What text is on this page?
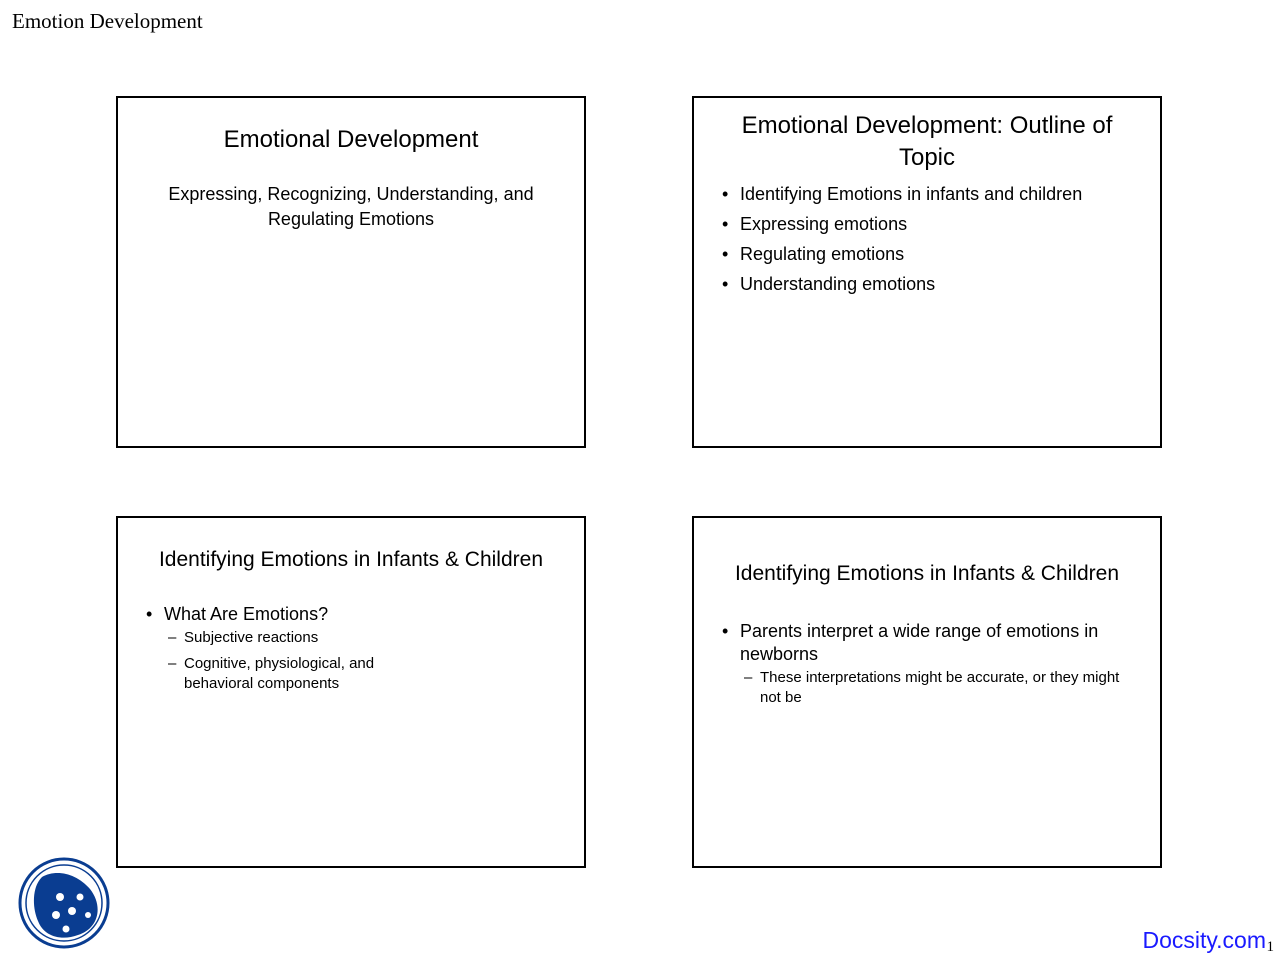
Emotion Development
Emotional Development
Expressing, Recognizing, Understanding, and
Regulating Emotions
Emotional Development: Outline of
Topic
• Identifying Emotions in infants and children
• Expressing emotions
• Regulating emotions
• Understanding emotions
Identifying Emotions in Infants & Children
• What Are Emotions?
– Subjective reactions
– Cognitive, physiological, and behavioral components
Identifying Emotions in Infants & Children
• Parents interpret a wide range of emotions in newborns
– These interpretations might be accurate, or they might not be
Docsity.com 1
